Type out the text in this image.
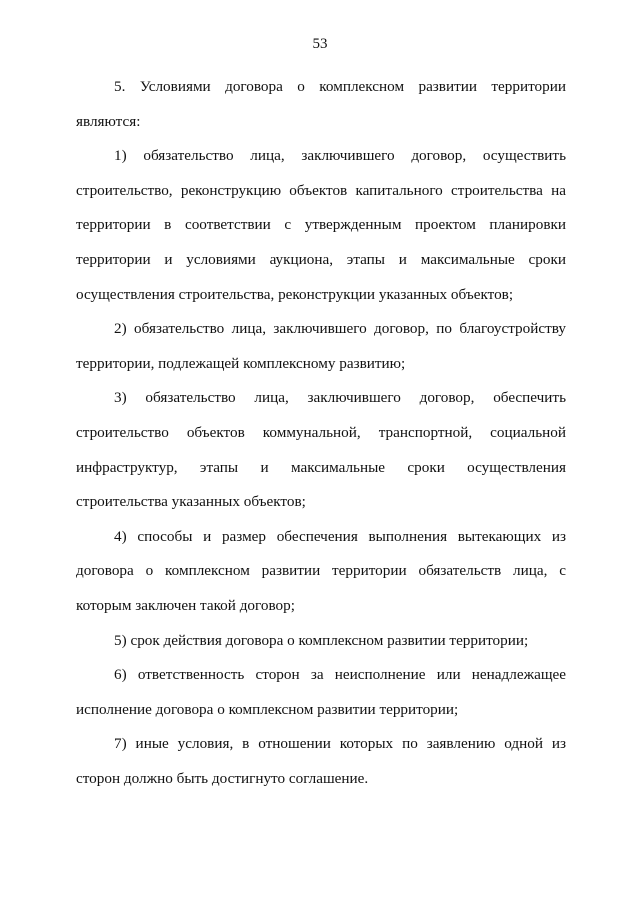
53
5. Условиями договора о комплексном развитии территории
являются:
1) обязательство лица, заключившего договор, осуществить
строительство, реконструкцию объектов капитального строительства на
территории в соответствии с утвержденным проектом планировки
территории и условиями аукциона, этапы и максимальные сроки
осуществления строительства, реконструкции указанных объектов;
2) обязательство лица, заключившего договор, по благоустройству
территории, подлежащей комплексному развитию;
3) обязательство лица, заключившего договор, обеспечить
строительство объектов коммунальной, транспортной, социальной
инфраструктур, этапы и максимальные сроки осуществления
строительства указанных объектов;
4) способы и размер обеспечения выполнения вытекающих из
договора о комплексном развитии территории обязательств лица, с
которым заключен такой договор;
5) срок действия договора о комплексном развитии территории;
6) ответственность сторон за неисполнение или ненадлежащее
исполнение договора о комплексном развитии территории;
7) иные условия, в отношении которых по заявлению одной из
сторон должно быть достигнуто соглашение.
